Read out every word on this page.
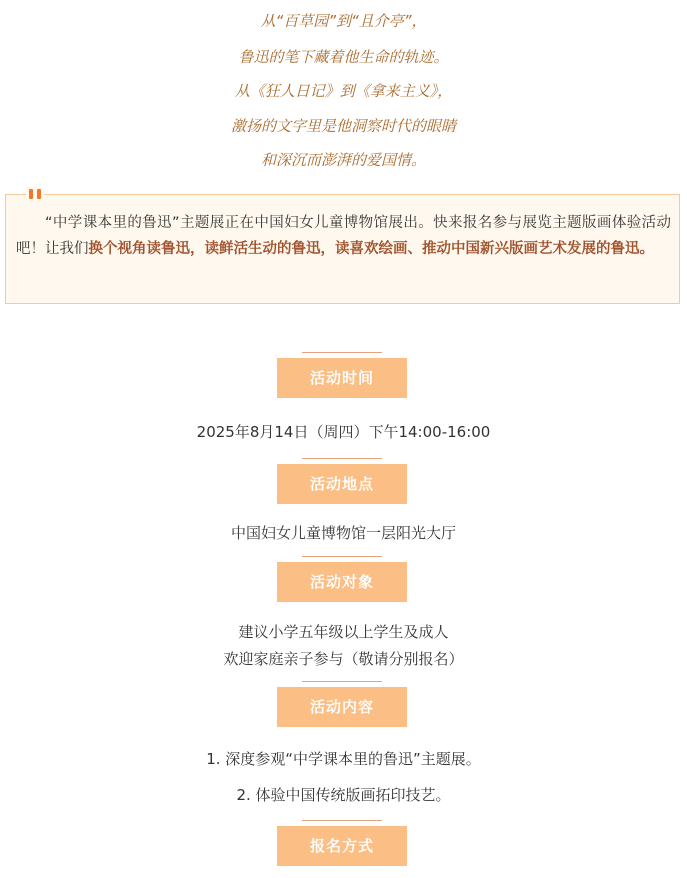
从“百草园”到“且介亭”，
鲁迅的笔下藏着他生命的轨迹。
从《狂人日记》到《拿来主义》，
激扬的文字里是他洞察时代的眼睛
和深沉而澎湃的爱国情。
“中学课本里的鲁迅”主题展正在中国妇女儿童博物馆展出。快来报名参与展览主题版画体验活动吧！让我们换个视角读鲁迅，读鲜活生动的鲁迅，读喜欢绘画、推动中国新兴版画艺术发展的鲁迅。
活动时间
2025年8月14日（周四）下午14:00-16:00
活动地点
中国妇女儿童博物馆一层阳光大厅
活动对象
建议小学五年级以上学生及成人
欢迎家庭亲子参与（敬请分别报名）
活动内容
1. 深度参观“中学课本里的鲁迅”主题展。
2. 体验中国传统版画拓印技艺。
报名方式
